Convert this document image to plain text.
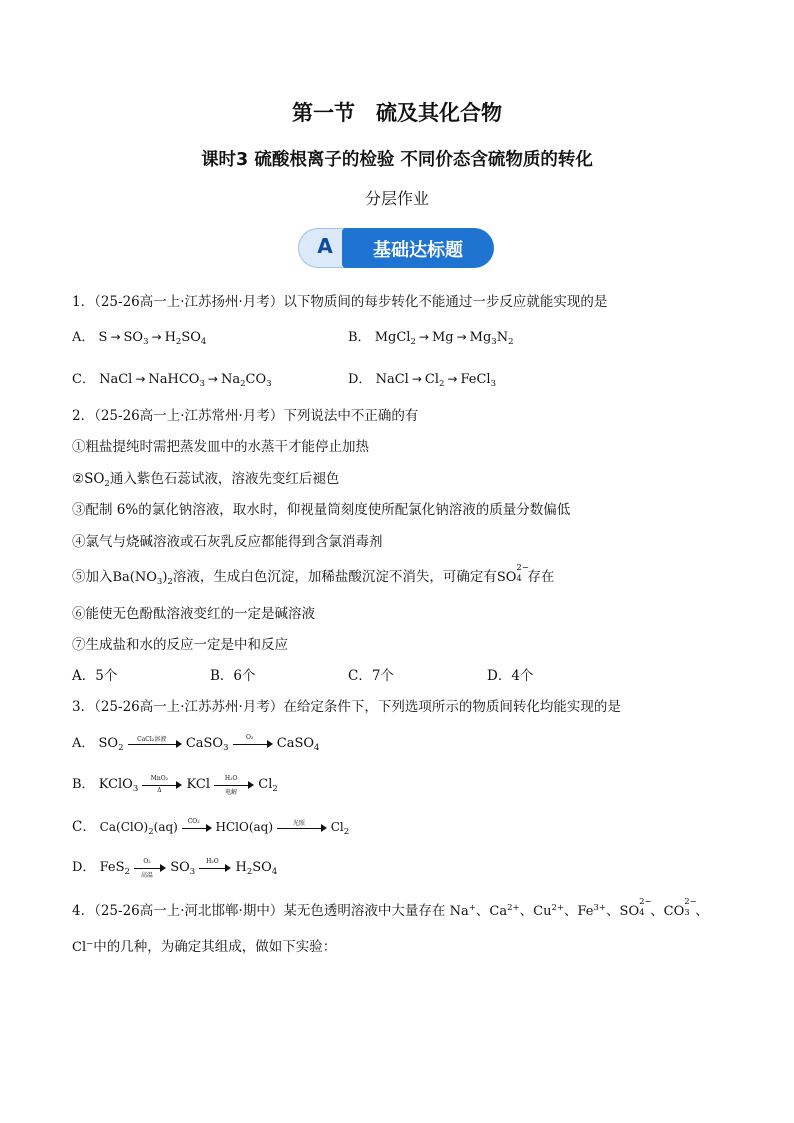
第一节　硫及其化合物
课时3 硫酸根离子的检验 不同价态含硫物质的转化
分层作业
基础达标题
A
1．（25-26高一上·江苏扬州·月考）以下物质间的每步转化不能通过一步反应就能实现的是
A． $S \to SO_3 \to H_2SO_4$	B． MgCl$_2$ → $Mg \to Mg_3N_2$
C． NaCl → NaHCO$_3$ → $Na_2CO_3$	D． NaCl → $Cl_2$ → FeCl$_3$
2．（25-26高一上·江苏常州·月考）下列说法中不正确的有
①粗盐提纯时需把蒸发皿中的水蒸干才能停止加热
$②SO_2$通入紫色石蕊试液，溶液先变红后褪色
③配制 6%的氯化钠溶液，取水时，仰视量筒刻度使所配氯化钠溶液的质量分数偏低
④氯气与烧碱溶液或石灰乳反应都能得到含氯消毒剂
⑤加入$Ba(NO_3)_2$溶液，生成白色沉淀，加稀盐酸沉淀不消失，可确定有SO
2−
4 存在
⑥能使无色酚酞溶液变红的一定是碱溶液
⑦生成盐和水的反应一定是中和反应
A．5个	B．6个	C．7个	D．4个
3．（25-26高一上·江苏苏州·月考）在给定条件下，下列选项所示的物质间转化均能实现的是
A． $SO_2$
CaCl₂溶液	CaSO$_3$
O₂	CaSO$_4$
B． KClO$_3$
MnO₂
Δ	KCl	H₂O
电解	$Cl_2$
C． $Ca(ClO)_2(aq)$	CO₂	HClO(aq)	光照	$Cl_2$
D． FeS$_2$
O₂
高温	$SO_3$
H₂O	$H_2SO_4$
4．（25-26高一上·河北邯郸·期中）某无色透明溶液中大量存在 Na+、$Ca^{2+}$、$Cu^{2+}$、$Fe^{3+}$、SO
2−
4 、CO
2−
3 、
Cl−中的几种，为确定其组成，做如下实验：
